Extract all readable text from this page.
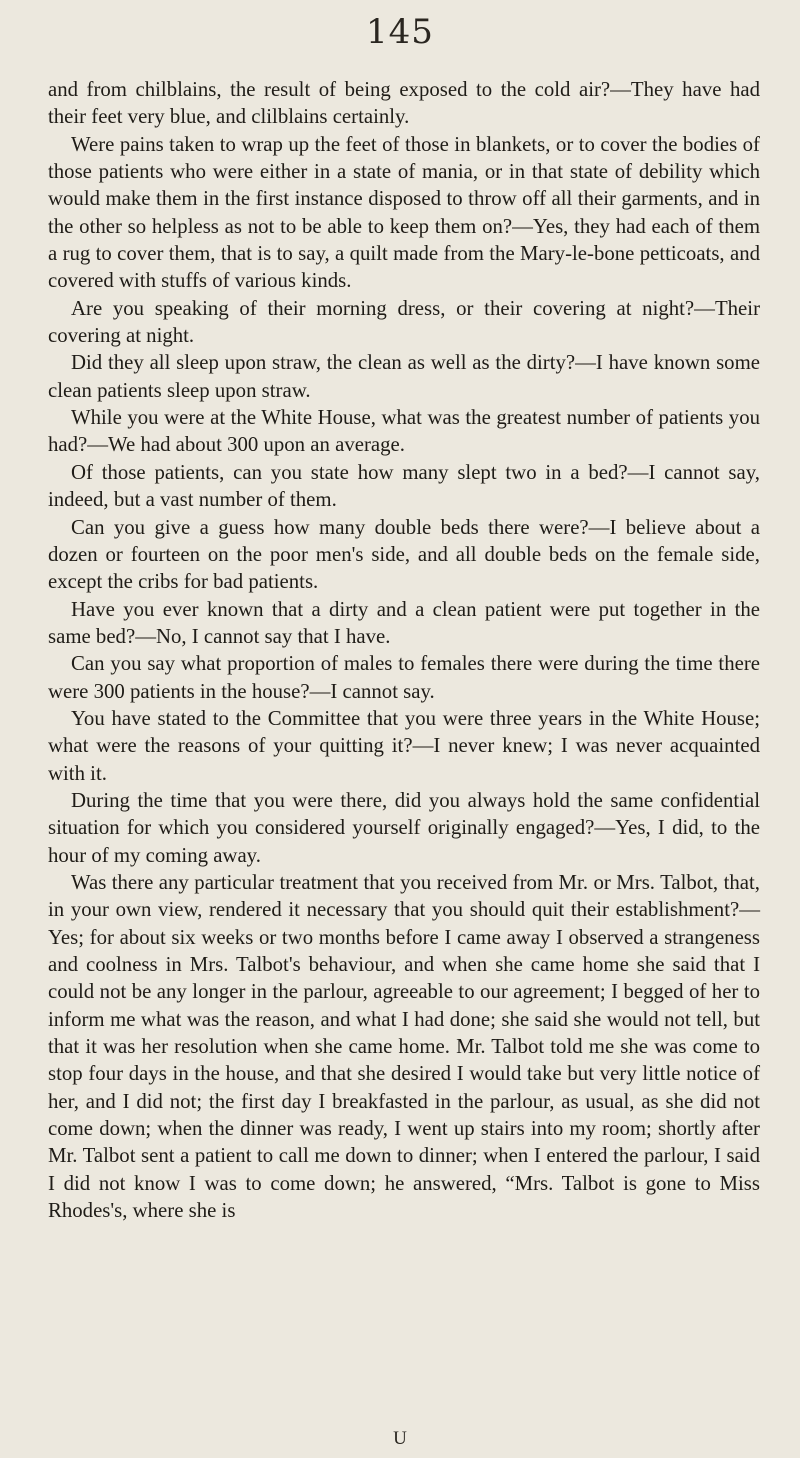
145

and from chilblains, the result of being exposed to the cold air?—They have had their feet very blue, and clilblains certainly.

Were pains taken to wrap up the feet of those in blankets, or to cover the bodies of those patients who were either in a state of mania, or in that state of debility which would make them in the first instance disposed to throw off all their garments, and in the other so helpless as not to be able to keep them on?—Yes, they had each of them a rug to cover them, that is to say, a quilt made from the Mary-le-bone petticoats, and covered with stuffs of various kinds.

Are you speaking of their morning dress, or their covering at night?—Their covering at night.

Did they all sleep upon straw, the clean as well as the dirty?—I have known some clean patients sleep upon straw.

While you were at the White House, what was the greatest number of patients you had?—We had about 300 upon an average.

Of those patients, can you state how many slept two in a bed?—I cannot say, indeed, but a vast number of them.

Can you give a guess how many double beds there were?—I believe about a dozen or fourteen on the poor men's side, and all double beds on the female side, except the cribs for bad patients.

Have you ever known that a dirty and a clean patient were put together in the same bed?—No, I cannot say that I have.

Can you say what proportion of males to females there were during the time there were 300 patients in the house?—I cannot say.

You have stated to the Committee that you were three years in the White House; what were the reasons of your quitting it?—I never knew; I was never acquainted with it.

During the time that you were there, did you always hold the same confidential situation for which you considered yourself originally engaged?—Yes, I did, to the hour of my coming away.

Was there any particular treatment that you received from Mr. or Mrs. Talbot, that, in your own view, rendered it necessary that you should quit their establishment?—Yes; for about six weeks or two months before I came away I observed a strangeness and coolness in Mrs. Talbot's behaviour, and when she came home she said that I could not be any longer in the parlour, agreeable to our agreement; I begged of her to inform me what was the reason, and what I had done; she said she would not tell, but that it was her resolution when she came home. Mr. Talbot told me she was come to stop four days in the house, and that she desired I would take but very little notice of her, and I did not; the first day I breakfasted in the parlour, as usual, as she did not come down; when the dinner was ready, I went up stairs into my room; shortly after Mr. Talbot sent a patient to call me down to dinner; when I entered the parlour, I said I did not know I was to come down; he answered, “Mrs. Talbot is gone to Miss Rhodes's, where she is

U
